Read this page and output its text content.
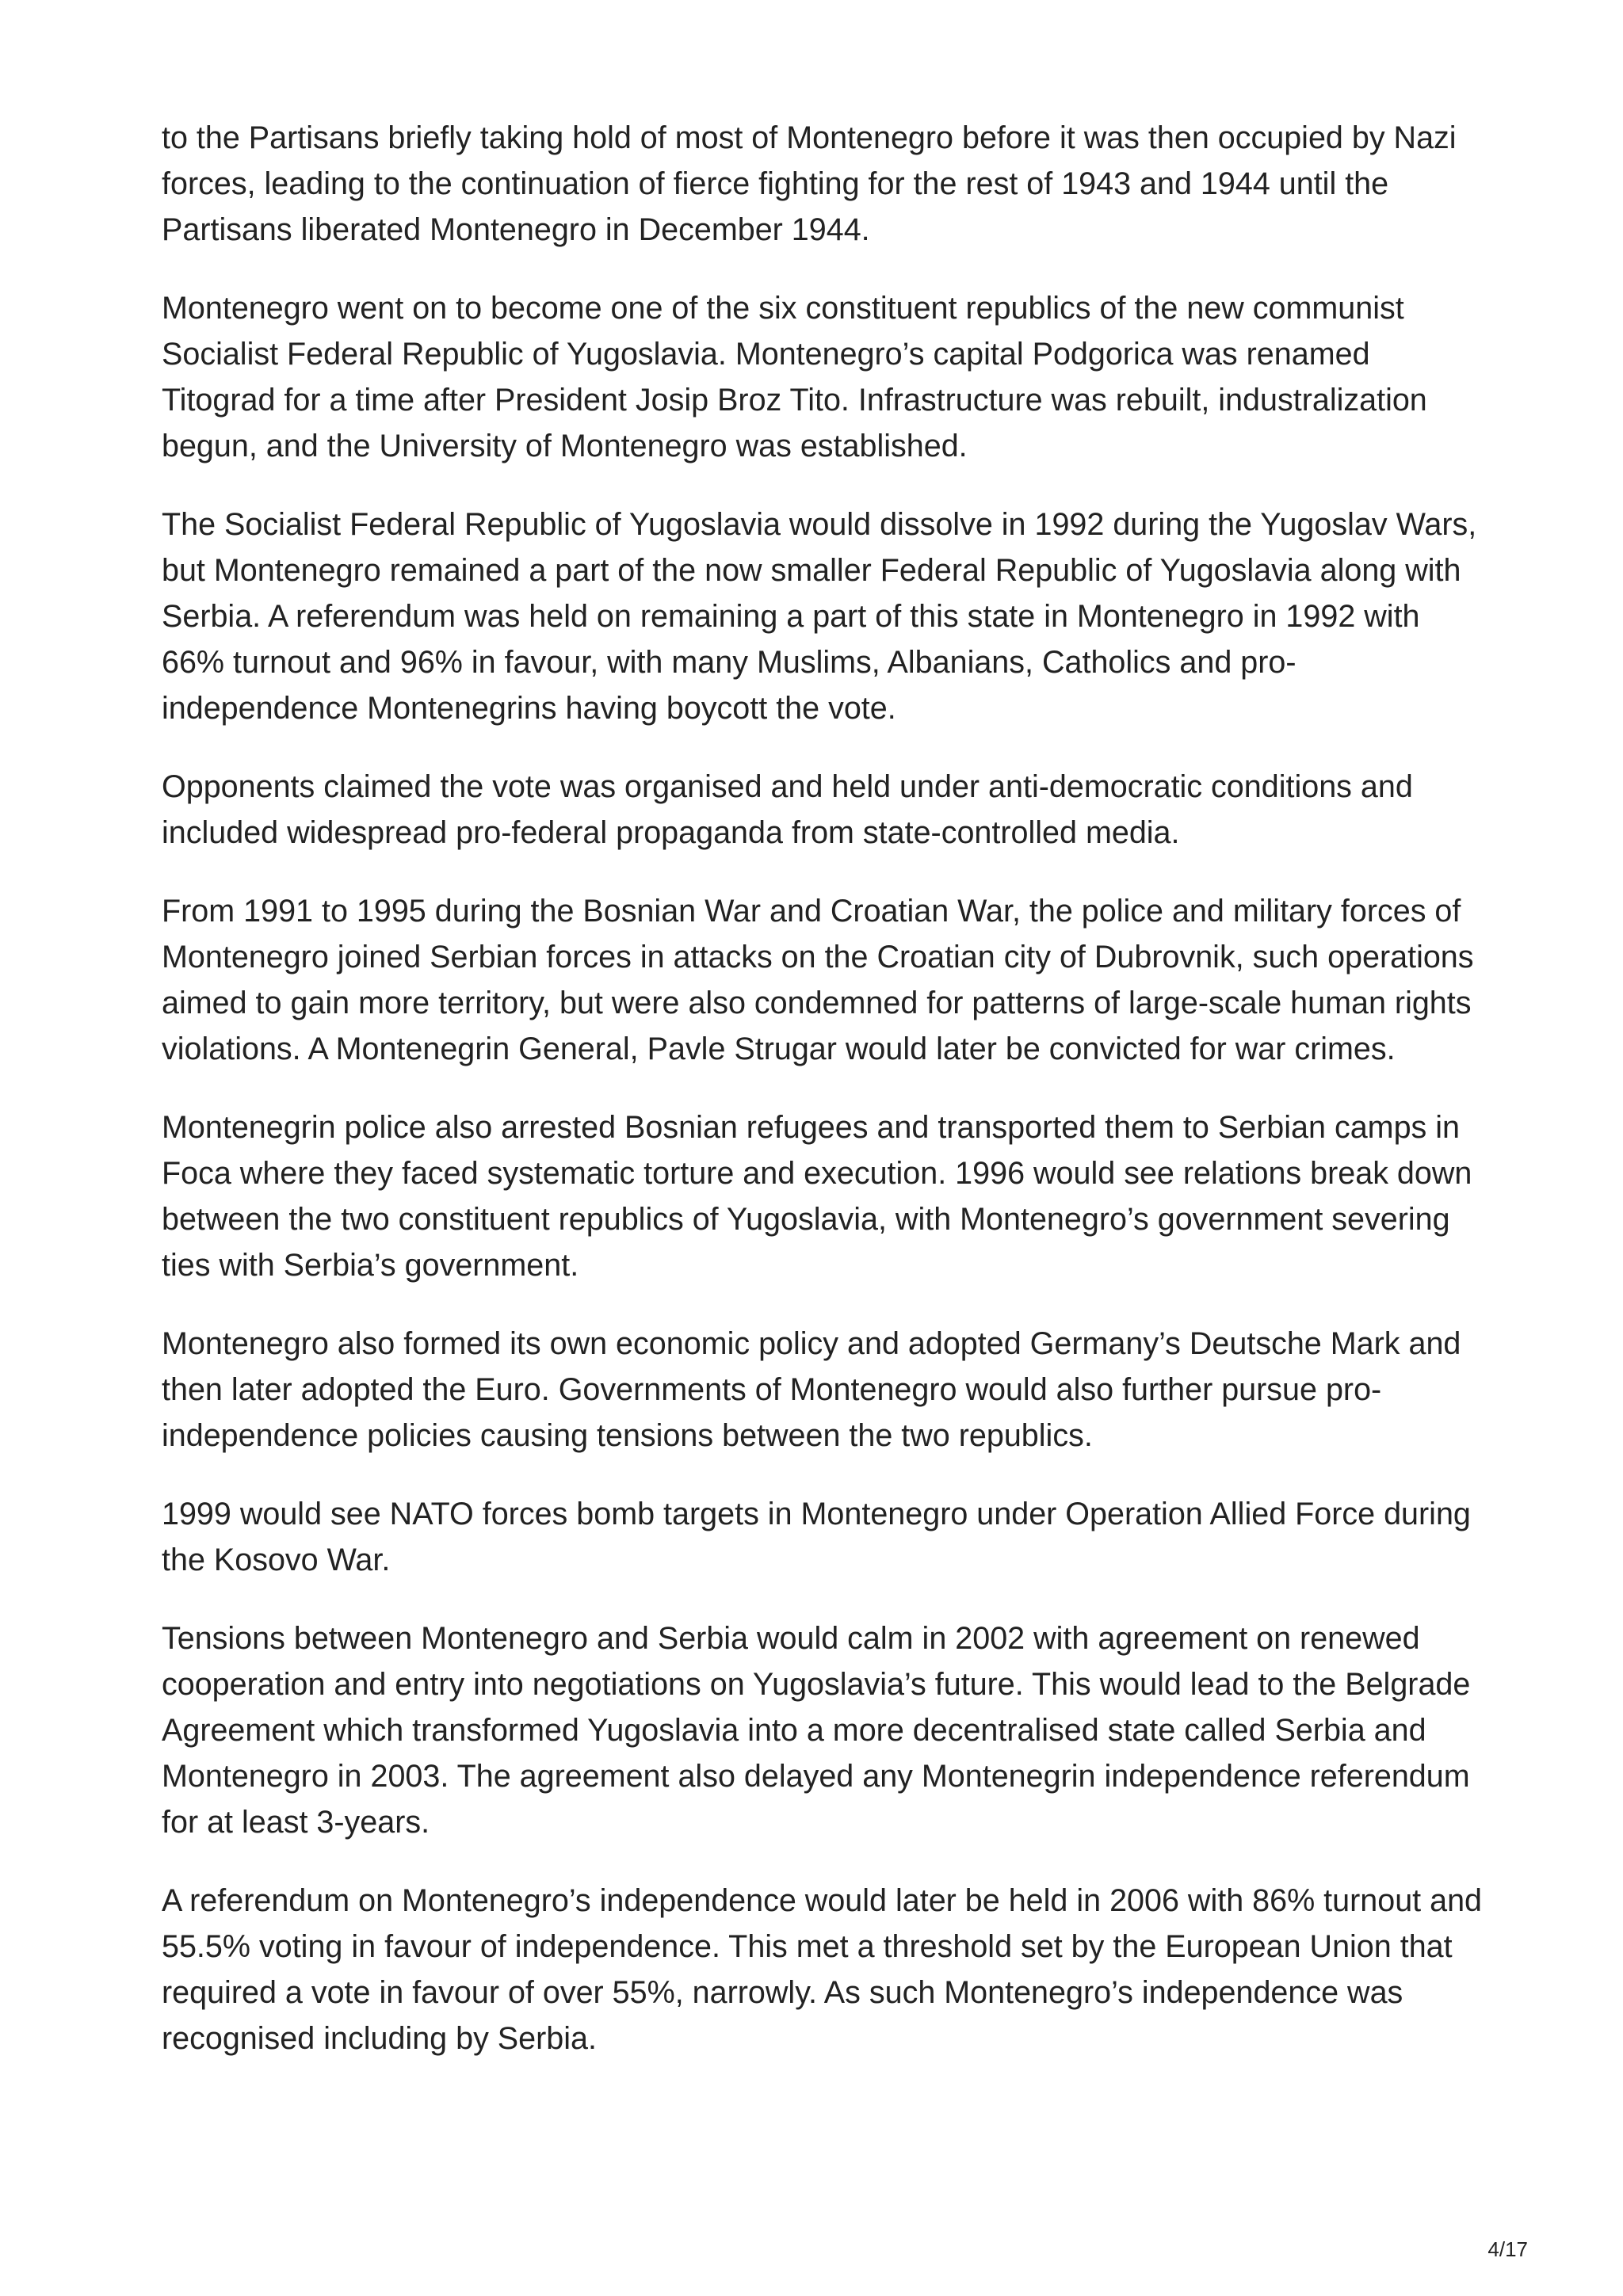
to the Partisans briefly taking hold of most of Montenegro before it was then occupied by Nazi forces, leading to the continuation of fierce fighting for the rest of 1943 and 1944 until the Partisans liberated Montenegro in December 1944.

Montenegro went on to become one of the six constituent republics of the new communist Socialist Federal Republic of Yugoslavia. Montenegro’s capital Podgorica was renamed Titograd for a time after President Josip Broz Tito. Infrastructure was rebuilt, industralization begun, and the University of Montenegro was established.

The Socialist Federal Republic of Yugoslavia would dissolve in 1992 during the Yugoslav Wars, but Montenegro remained a part of the now smaller Federal Republic of Yugoslavia along with Serbia. A referendum was held on remaining a part of this state in Montenegro in 1992 with 66% turnout and 96% in favour, with many Muslims, Albanians, Catholics and pro-independence Montenegrins having boycott the vote.

Opponents claimed the vote was organised and held under anti-democratic conditions and included widespread pro-federal propaganda from state-controlled media.

From 1991 to 1995 during the Bosnian War and Croatian War, the police and military forces of Montenegro joined Serbian forces in attacks on the Croatian city of Dubrovnik, such operations aimed to gain more territory, but were also condemned for patterns of large-scale human rights violations. A Montenegrin General, Pavle Strugar would later be convicted for war crimes.

Montenegrin police also arrested Bosnian refugees and transported them to Serbian camps in Foca where they faced systematic torture and execution. 1996 would see relations break down between the two constituent republics of Yugoslavia, with Montenegro’s government severing ties with Serbia’s government.

Montenegro also formed its own economic policy and adopted Germany’s Deutsche Mark and then later adopted the Euro. Governments of Montenegro would also further pursue pro-independence policies causing tensions between the two republics.

1999 would see NATO forces bomb targets in Montenegro under Operation Allied Force during the Kosovo War.

Tensions between Montenegro and Serbia would calm in 2002 with agreement on renewed cooperation and entry into negotiations on Yugoslavia’s future. This would lead to the Belgrade Agreement which transformed Yugoslavia into a more decentralised state called Serbia and Montenegro in 2003. The agreement also delayed any Montenegrin independence referendum for at least 3-years.

A referendum on Montenegro’s independence would later be held in 2006 with 86% turnout and 55.5% voting in favour of independence. This met a threshold set by the European Union that required a vote in favour of over 55%, narrowly. As such Montenegro’s independence was recognised including by Serbia.

4/17
